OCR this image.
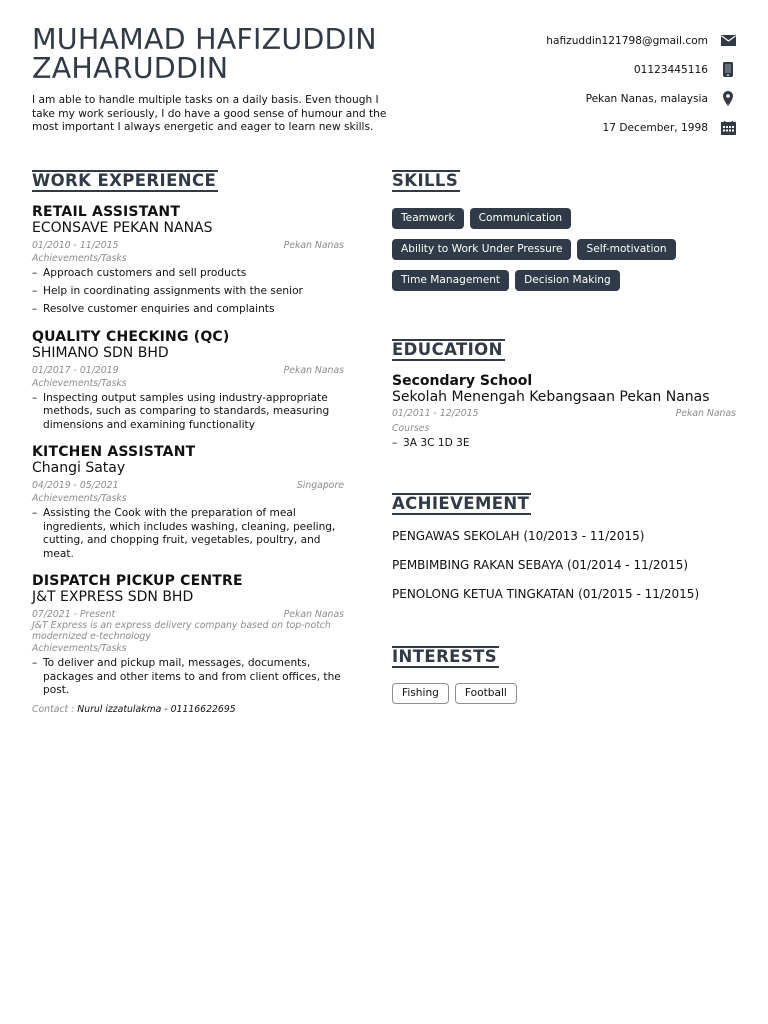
MUHAMAD HAFIZUDDIN ZAHARUDDIN

I am able to handle multiple tasks on a daily basis. Even though I take my work seriously, I do have a good sense of humour and the most important I always energetic and eager to learn new skills.

hafizuddin121798@gmail.com
01123445116
Pekan Nanas, malaysia
17 December, 1998
WORK EXPERIENCE
RETAIL ASSISTANT
ECONSAVE PEKAN NANAS
01/2010 - 11/2015	Pekan Nanas
Achievements/Tasks
– Approach customers and sell products
– Help in coordinating assignments with the senior
– Resolve customer enquiries and complaints
QUALITY CHECKING (QC)
SHIMANO SDN BHD
01/2017 - 01/2019	Pekan Nanas
Achievements/Tasks
– Inspecting output samples using industry-appropriate methods, such as comparing to standards, measuring dimensions and examining functionality
KITCHEN ASSISTANT
Changi Satay
04/2019 - 05/2021	Singapore
Achievements/Tasks
– Assisting the Cook with the preparation of meal ingredients, which includes washing, cleaning, peeling, cutting, and chopping fruit, vegetables, poultry, and meat.
DISPATCH PICKUP CENTRE
J&T EXPRESS SDN BHD
07/2021 - Present	Pekan Nanas
J&T Express is an express delivery company based on top-notch modernized e-technology
Achievements/Tasks
– To deliver and pickup mail, messages, documents, packages and other items to and from client offices, the post.
Contact : Nurul izzatulakma - 01116622695
SKILLS
Teamwork	Communication
Ability to Work Under Pressure	Self-motivation
Time Management	Decision Making
EDUCATION
Secondary School
Sekolah Menengah Kebangsaan Pekan Nanas
01/2011 - 12/2015	Pekan Nanas
Courses
– 3A 3C 1D 3E
ACHIEVEMENT
PENGAWAS SEKOLAH (10/2013 - 11/2015)
PEMBIMBING RAKAN SEBAYA (01/2014 - 11/2015)
PENOLONG KETUA TINGKATAN (01/2015 - 11/2015)
INTERESTS
Fishing	Football
